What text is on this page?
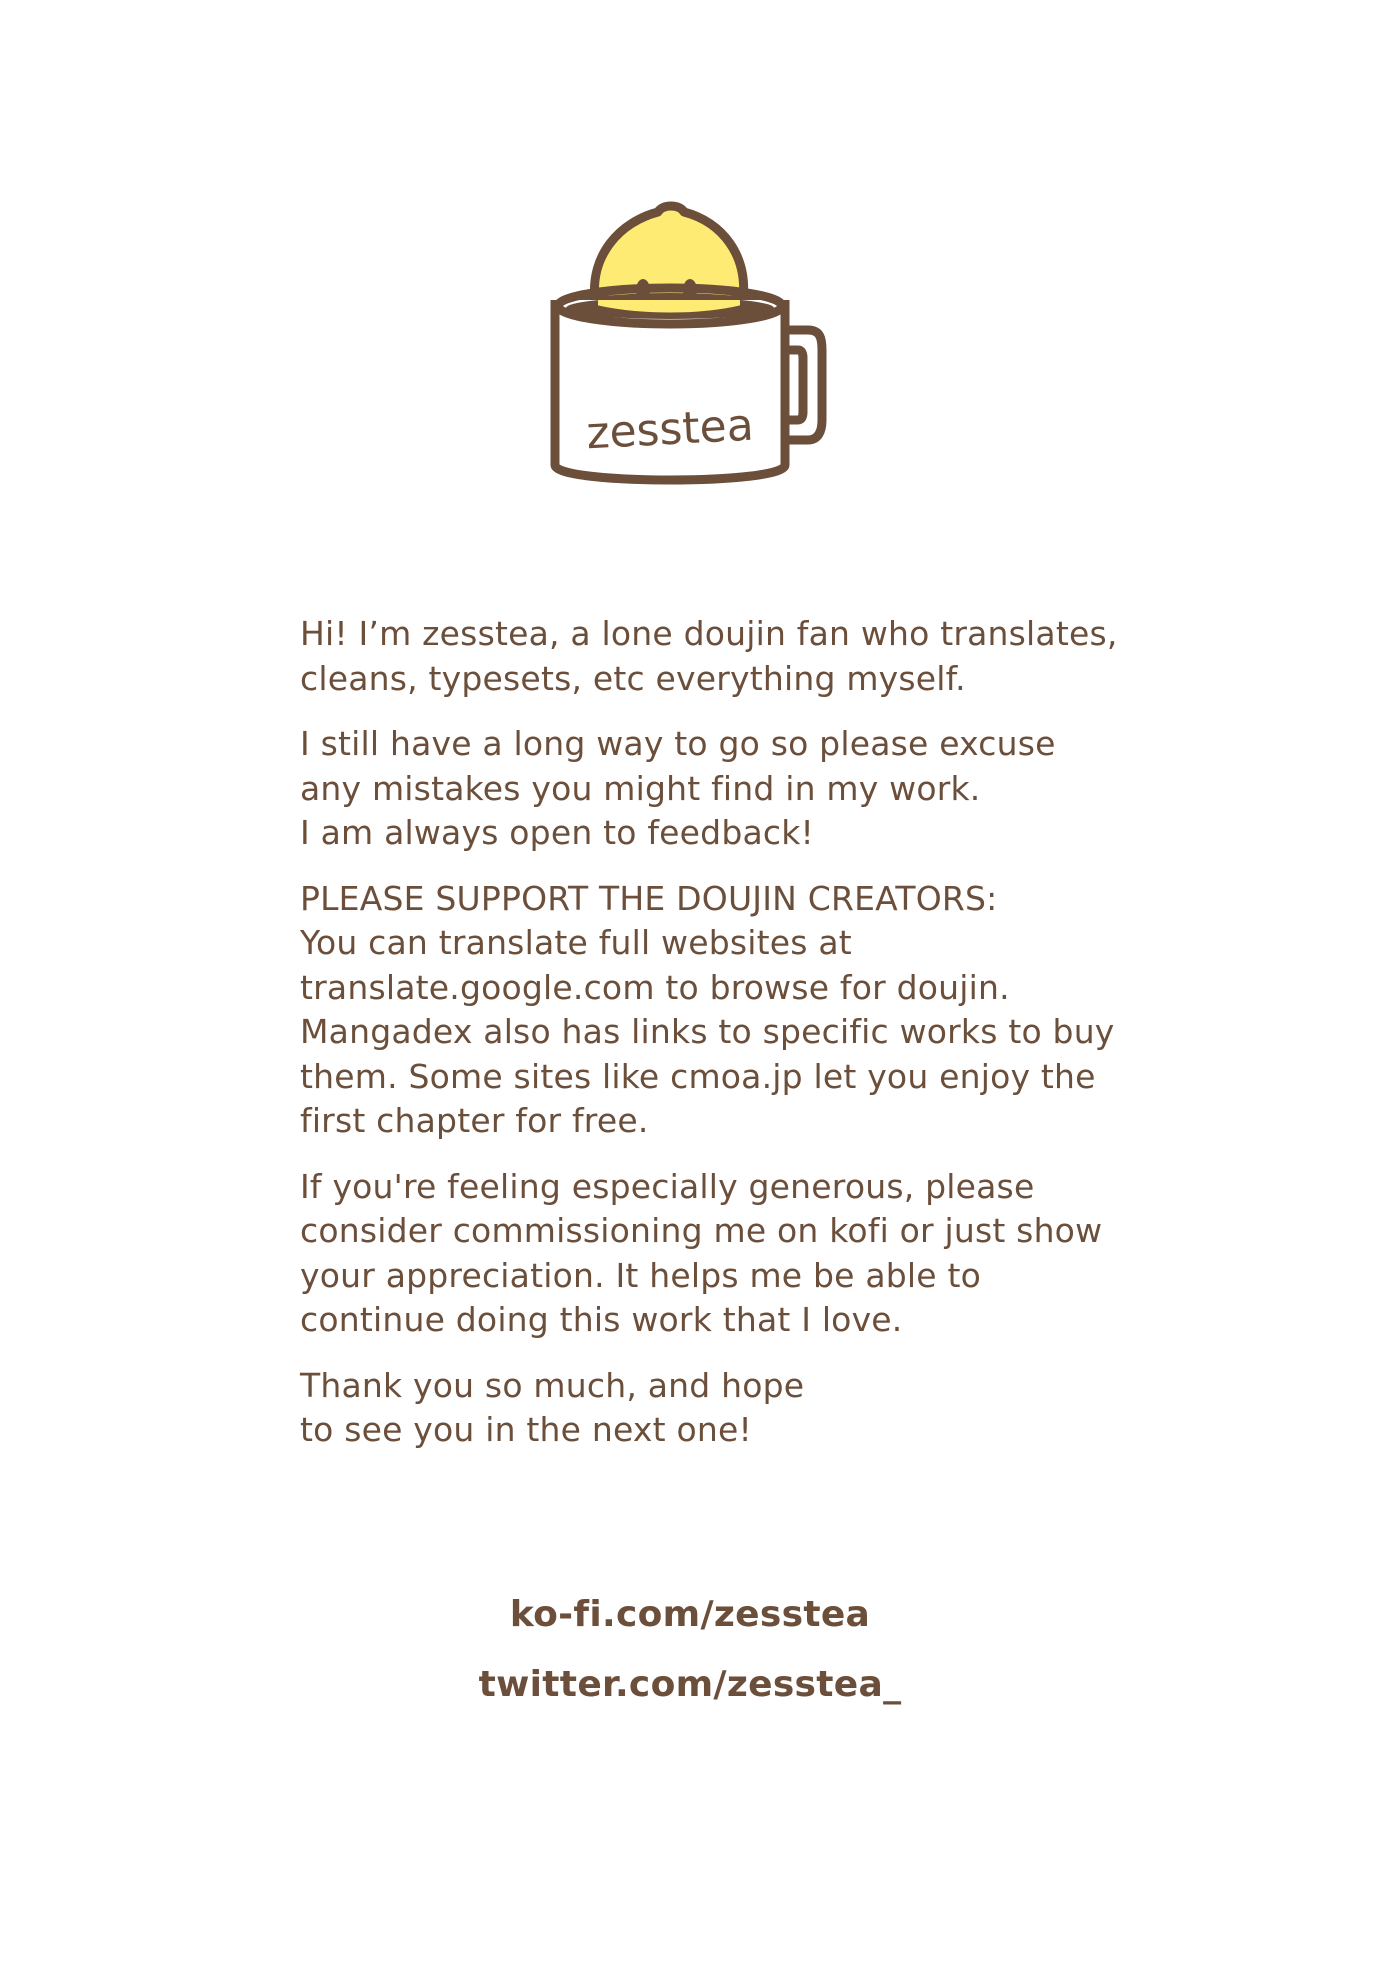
zesstea

Hi! I’m zesstea, a lone doujin fan who translates,
cleans, typesets, etc everything myself.

I still have a long way to go so please excuse
any mistakes you might find in my work.
I am always open to feedback!

PLEASE SUPPORT THE DOUJIN CREATORS:
You can translate full websites at
translate.google.com to browse for doujin.
Mangadex also has links to specific works to buy
them. Some sites like cmoa.jp let you enjoy the
first chapter for free.

If you're feeling especially generous, please
consider commissioning me on kofi or just show
your appreciation. It helps me be able to
continue doing this work that I love.

Thank you so much, and hope
to see you in the next one!

ko-fi.com/zesstea
twitter.com/zesstea_
